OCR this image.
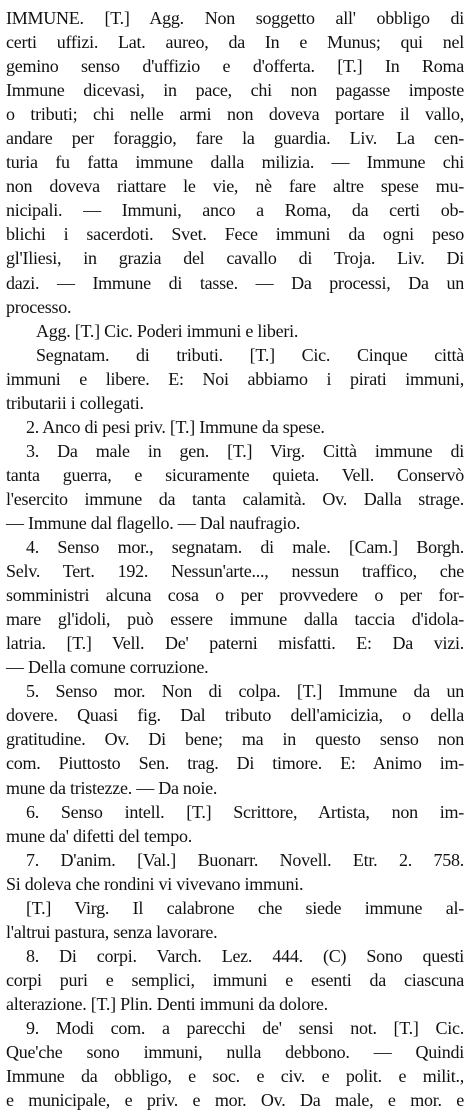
IMMUNE. [T.] Agg. Non soggetto all' obbligo di
certi uffizi. Lat. aureo, da In e Munus; qui nel
gemino senso d'uffizio e d'offerta. [T.] In Roma
Immune dicevasi, in pace, chi non pagasse imposte
o tributi; chi nelle armi non doveva portare il vallo,
andare per foraggio, fare la guardia. Liv. La cen-
turia fu fatta immune dalla milizia. — Immune chi
non doveva riattare le vie, nè fare altre spese mu-
nicipali. — Immuni, anco a Roma, da certi ob-
blichi i sacerdoti. Svet. Fece immuni da ogni peso
gl'Iliesi, in grazia del cavallo di Troja. Liv. Di
dazi. — Immune di tasse. — Da processi, Da un
processo.
Agg. [T.] Cic. Poderi immuni e liberi.
Segnatam. di tributi. [T.] Cic. Cinque città
immuni e libere. E: Noi abbiamo i pirati immuni,
tributarii i collegati.
2. Anco di pesi priv. [T.] Immune da spese.
3. Da male in gen. [T.] Virg. Città immune di
tanta guerra, e sicuramente quieta. Vell. Conservò
l'esercito immune da tanta calamità. Ov. Dalla strage.
— Immune dal flagello. — Dal naufragio.
4. Senso mor., segnatam. di male. [Cam.] Borgh.
Selv. Tert. 192. Nessun'arte..., nessun traffico, che
somministri alcuna cosa o per provvedere o per for-
mare gl'idoli, può essere immune dalla taccia d'idola-
latria. [T.] Vell. De' paterni misfatti. E: Da vizi.
— Della comune corruzione.
5. Senso mor. Non di colpa. [T.] Immune da un
dovere. Quasi fig. Dal tributo dell'amicizia, o della
gratitudine. Ov. Di bene; ma in questo senso non
com. Piuttosto Sen. trag. Di timore. E: Animo im-
mune da tristezze. — Da noie.
6. Senso intell. [T.] Scrittore, Artista, non im-
mune da' difetti del tempo.
7. D'anim. [Val.] Buonarr. Novell. Etr. 2. 758.
Si doleva che rondini vi vivevano immuni.
[T.] Virg. Il calabrone che siede immune al-
l'altrui pastura, senza lavorare.
8. Di corpi. Varch. Lez. 444. (C) Sono questi
corpi puri e semplici, immuni e esenti da ciascuna
alterazione. [T.] Plin. Denti immuni da dolore.
9. Modi com. a parecchi de' sensi not. [T.] Cic.
Que'che sono immuni, nulla debbono. — Quindi
Immune da obbligo, e soc. e civ. e polit. e milit.,
e municipale, e priv. e mor. Ov. Da male, e mor. e
